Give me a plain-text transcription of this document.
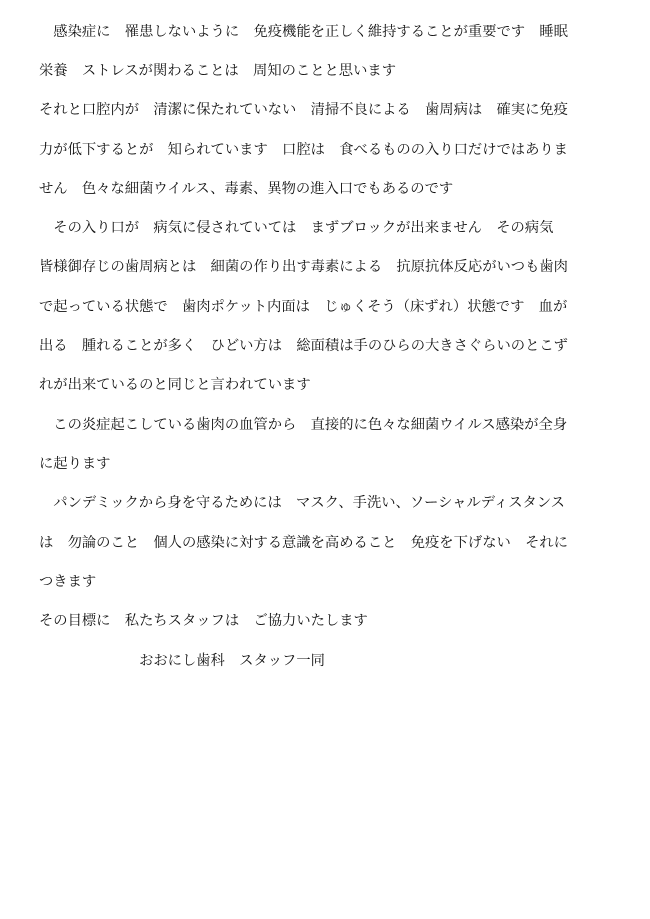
　感染症に　罹患しないように　免疫機能を正しく維持することが重要です　睡眠
栄養　ストレスが関わることは　周知のことと思います
それと口腔内が　清潔に保たれていない　清掃不良による　歯周病は　確実に免疫
力が低下するとが　知られています　口腔は　食べるものの入り口だけではありま
せん　色々な細菌ウイルス、毒素、異物の進入口でもあるのです
　その入り口が　病気に侵されていては　まずブロックが出来ません　その病気
皆様御存じの歯周病とは　細菌の作り出す毒素による　抗原抗体反応がいつも歯肉
で起っている状態で　歯肉ポケット内面は　じゅくそう（床ずれ）状態です　血が
出る　腫れることが多く　ひどい方は　総面積は手のひらの大きさぐらいのとこず
れが出来ているのと同じと言われています
　この炎症起こしている歯肉の血管から　直接的に色々な細菌ウイルス感染が全身
に起ります
　パンデミックから身を守るためには　マスク、手洗い、ソーシャルディスタンス
は　勿論のこと　個人の感染に対する意識を高めること　免疫を下げない　それに
つきます
その目標に　私たちスタッフは　ご協力いたします
　　　　　　　おおにし歯科　スタッフ一同
